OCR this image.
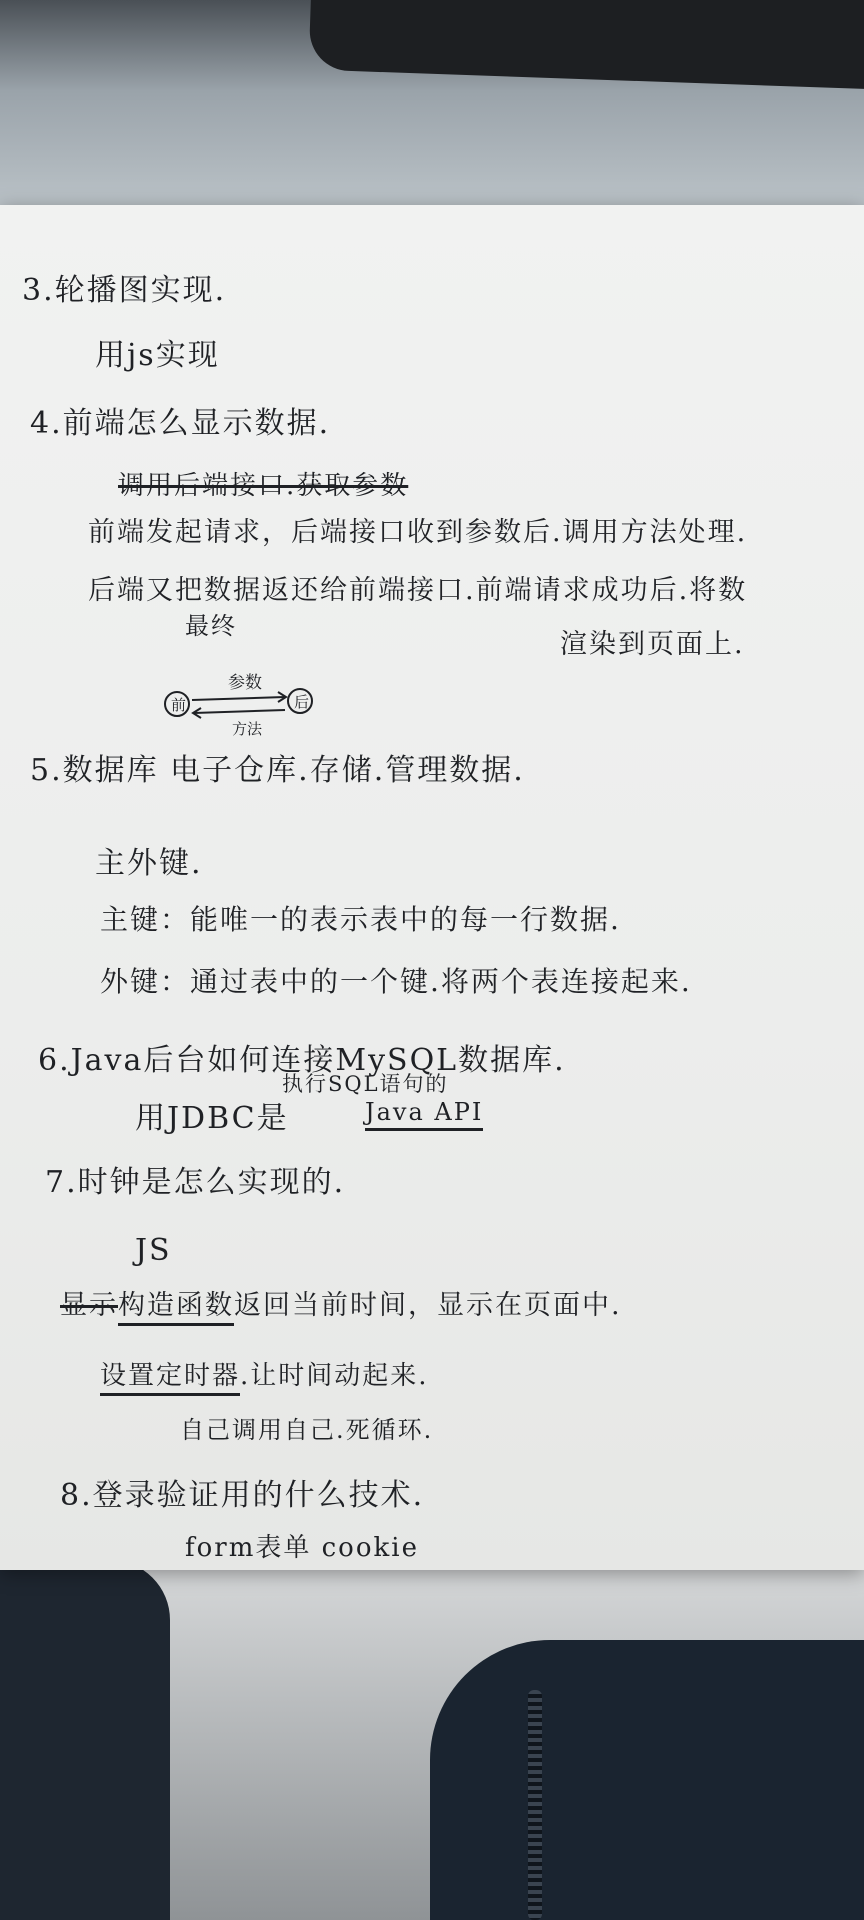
3.轮播图实现.
用js实现
4.前端怎么显示数据.
调用后端接口.获取参数
前端发起请求，后端接口收到参数后.调用方法处理.
后端又把数据返还给前端接口.前端请求成功后.将数
最终
渲染到页面上.
前	后
参数
方法
5.数据库 电子仓库.存储.管理数据.
主外键.
主键：能唯一的表示表中的每一行数据.
外键：通过表中的一个键.将两个表连接起来.
6.Java后台如何连接MySQL数据库.
用JDBC是
执行SQL语句的
Java API
7.时钟是怎么实现的.
JS
显示构造函数返回当前时间，显示在页面中.
设置定时器.让时间动起来.
自己调用自己.死循环.
8.登录验证用的什么技术.
form表单 cookie
